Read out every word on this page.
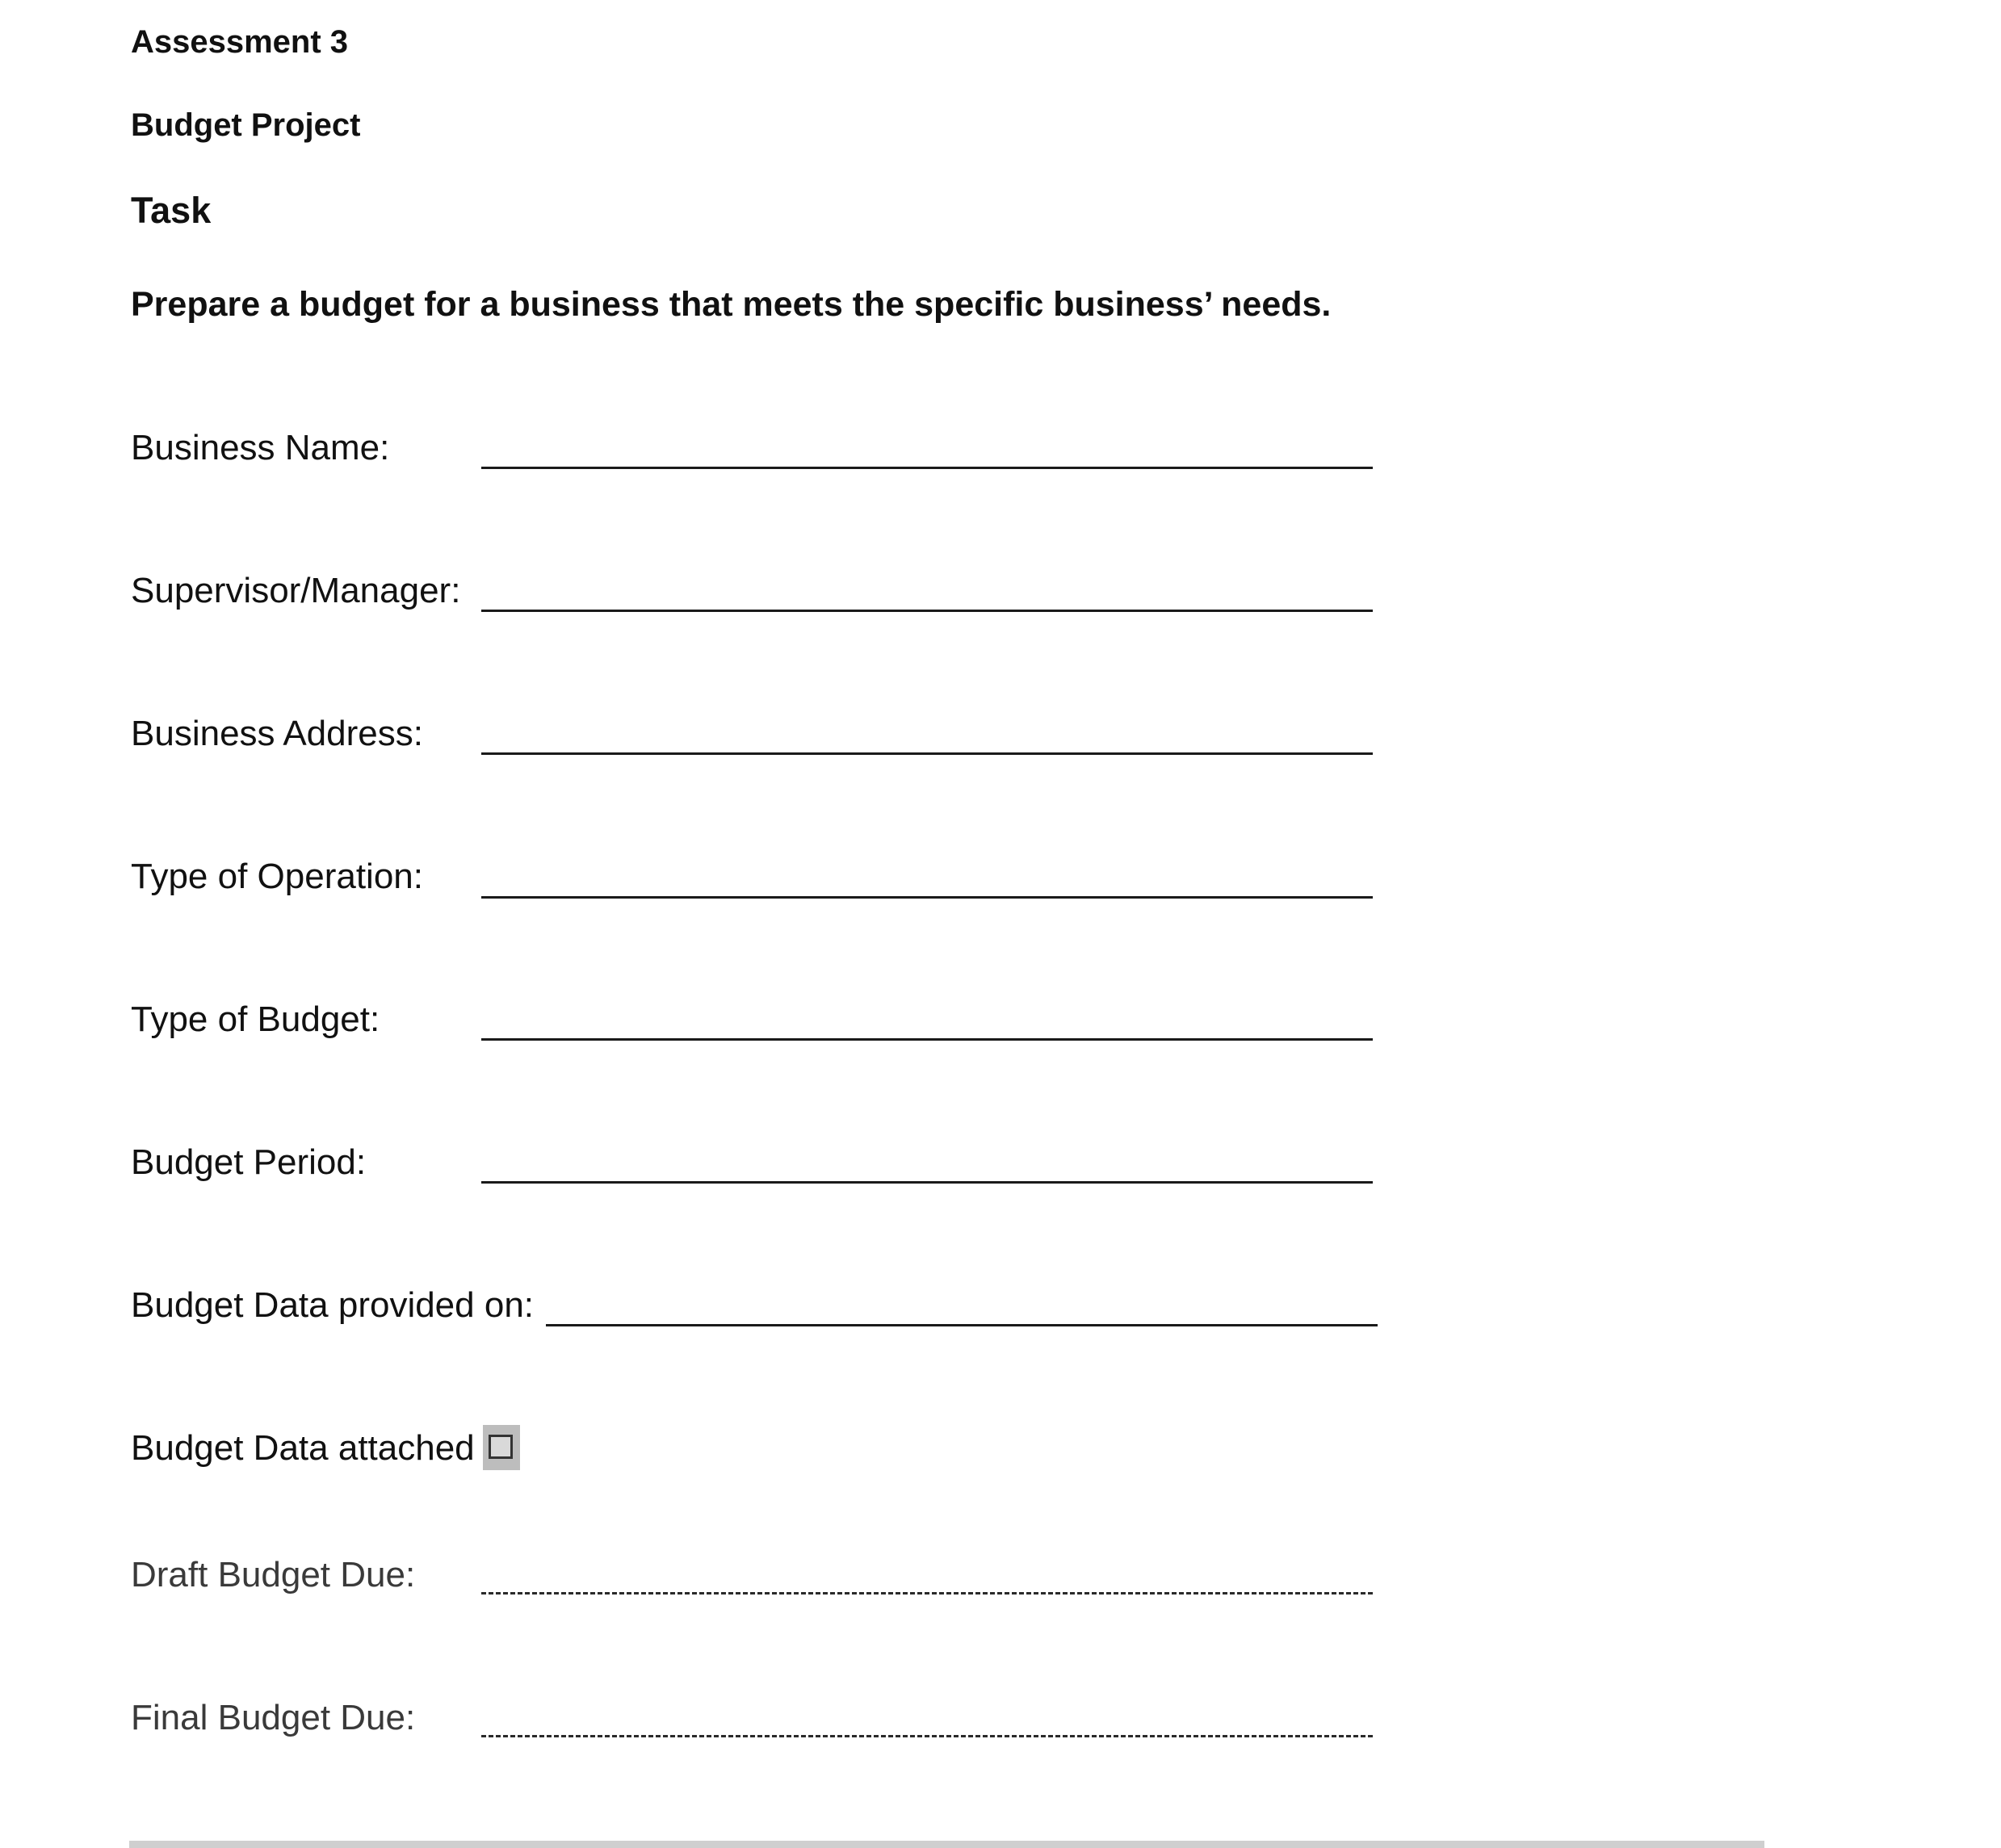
Assessment 3
Budget Project
Task
Prepare a budget for a business that meets the specific business’ needs.
Business Name:
Supervisor/Manager:
Business Address:
Type of Operation:
Type of Budget:
Budget Period:
Budget Data provided on:
Budget Data attached
Draft Budget Due:
Final Budget Due:
